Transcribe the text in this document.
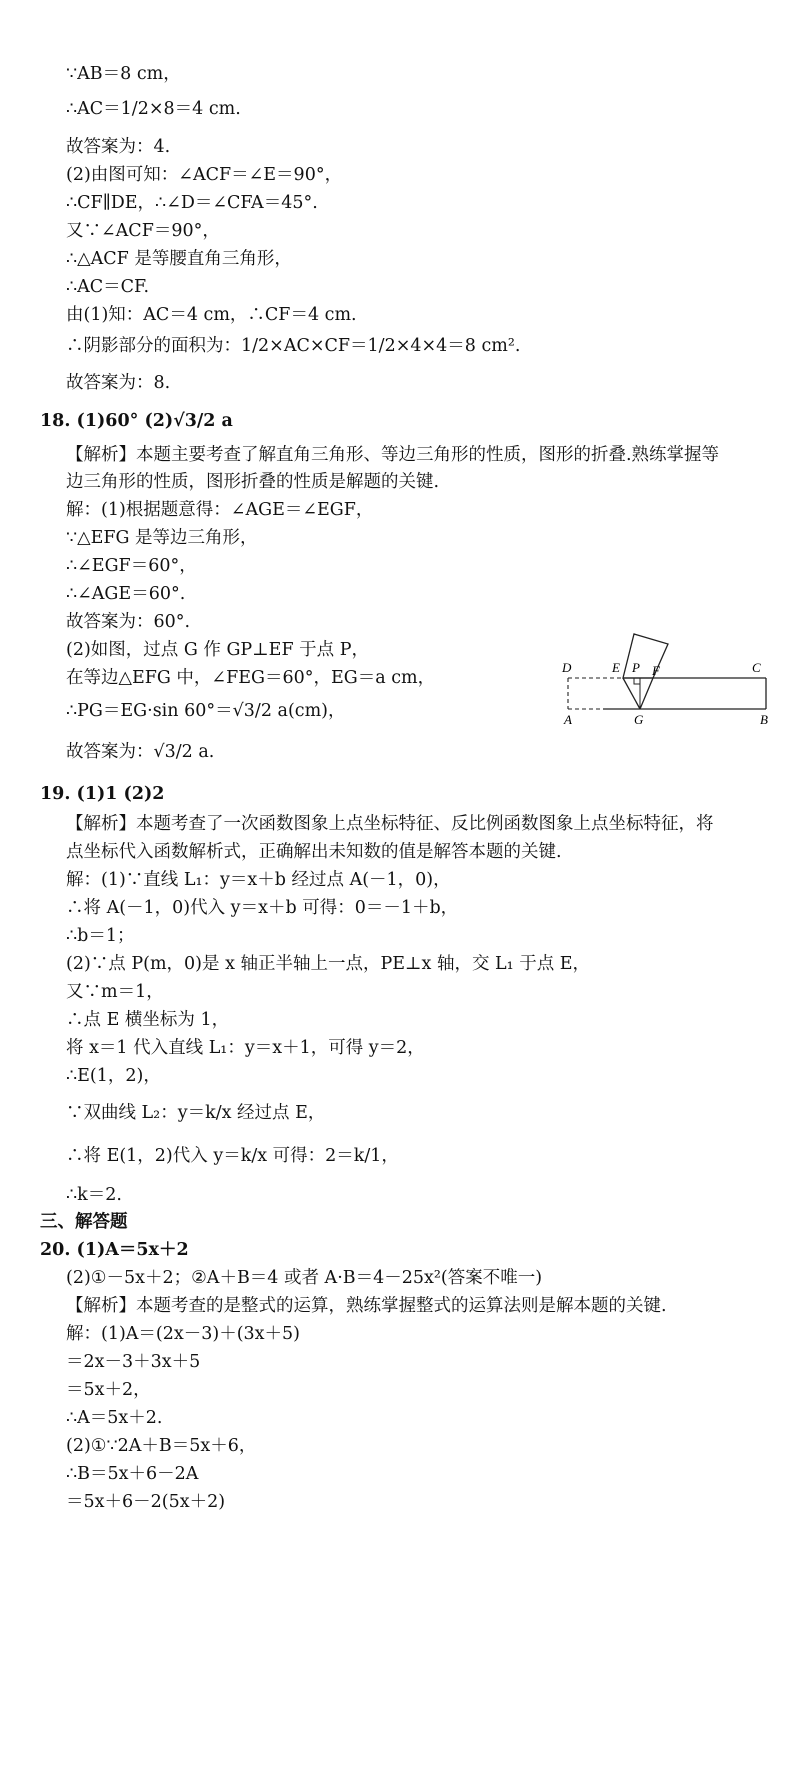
∵AB＝8 cm，
∴AC＝1/2×8＝4 cm.
故答案为：4.
(2)由图可知：∠ACF＝∠E＝90°，
∴CF∥DE，∴∠D＝∠CFA＝45°.
又∵∠ACF＝90°，
∴△ACF 是等腰直角三角形，
∴AC＝CF.
由(1)知：AC＝4 cm，∴CF＝4 cm.
∴阴影部分的面积为：1/2×AC×CF＝1/2×4×4＝8 cm².
故答案为：8.
18. (1)60° (2)√3/2 a
【解析】本题主要考查了解直角三角形、等边三角形的性质，图形的折叠.熟练掌握等
边三角形的性质，图形折叠的性质是解题的关键.
解：(1)根据题意得：∠AGE＝∠EGF，
∵△EFG 是等边三角形，
∴∠EGF＝60°，
∴∠AGE＝60°.
故答案为：60°.
(2)如图，过点 G 作 GP⊥EF 于点 P，
在等边△EFG 中，∠FEG＝60°，EG＝a cm，
∴PG＝EG·sin 60°＝√3/2 a(cm)，
故答案为：√3/2 a.
D	E P F	C
A	G	B
19. (1)1 (2)2
【解析】本题考查了一次函数图象上点坐标特征、反比例函数图象上点坐标特征，将
点坐标代入函数解析式，正确解出未知数的值是解答本题的关键.
解：(1)∵直线 L₁：y＝x＋b 经过点 A(－1，0)，
∴将 A(－1，0)代入 y＝x＋b 可得：0＝－1＋b，
∴b＝1；
(2)∵点 P(m，0)是 x 轴正半轴上一点，PE⊥x 轴，交 L₁ 于点 E，
又∵m＝1，
∴点 E 横坐标为 1，
将 x＝1 代入直线 L₁：y＝x＋1，可得 y＝2，
∴E(1，2)，
∵双曲线 L₂：y＝k/x 经过点 E，
∴将 E(1，2)代入 y＝k/x 可得：2＝k/1，
∴k＝2.
三、解答题
20. (1)A＝5x＋2
(2)①－5x＋2；②A＋B＝4 或者 A·B＝4－25x²(答案不唯一)
【解析】本题考查的是整式的运算，熟练掌握整式的运算法则是解本题的关键.
解：(1)A＝(2x－3)＋(3x＋5)
＝2x－3＋3x＋5
＝5x＋2，
∴A＝5x＋2.
(2)①∵2A＋B＝5x＋6，
∴B＝5x＋6－2A
＝5x＋6－2(5x＋2)
